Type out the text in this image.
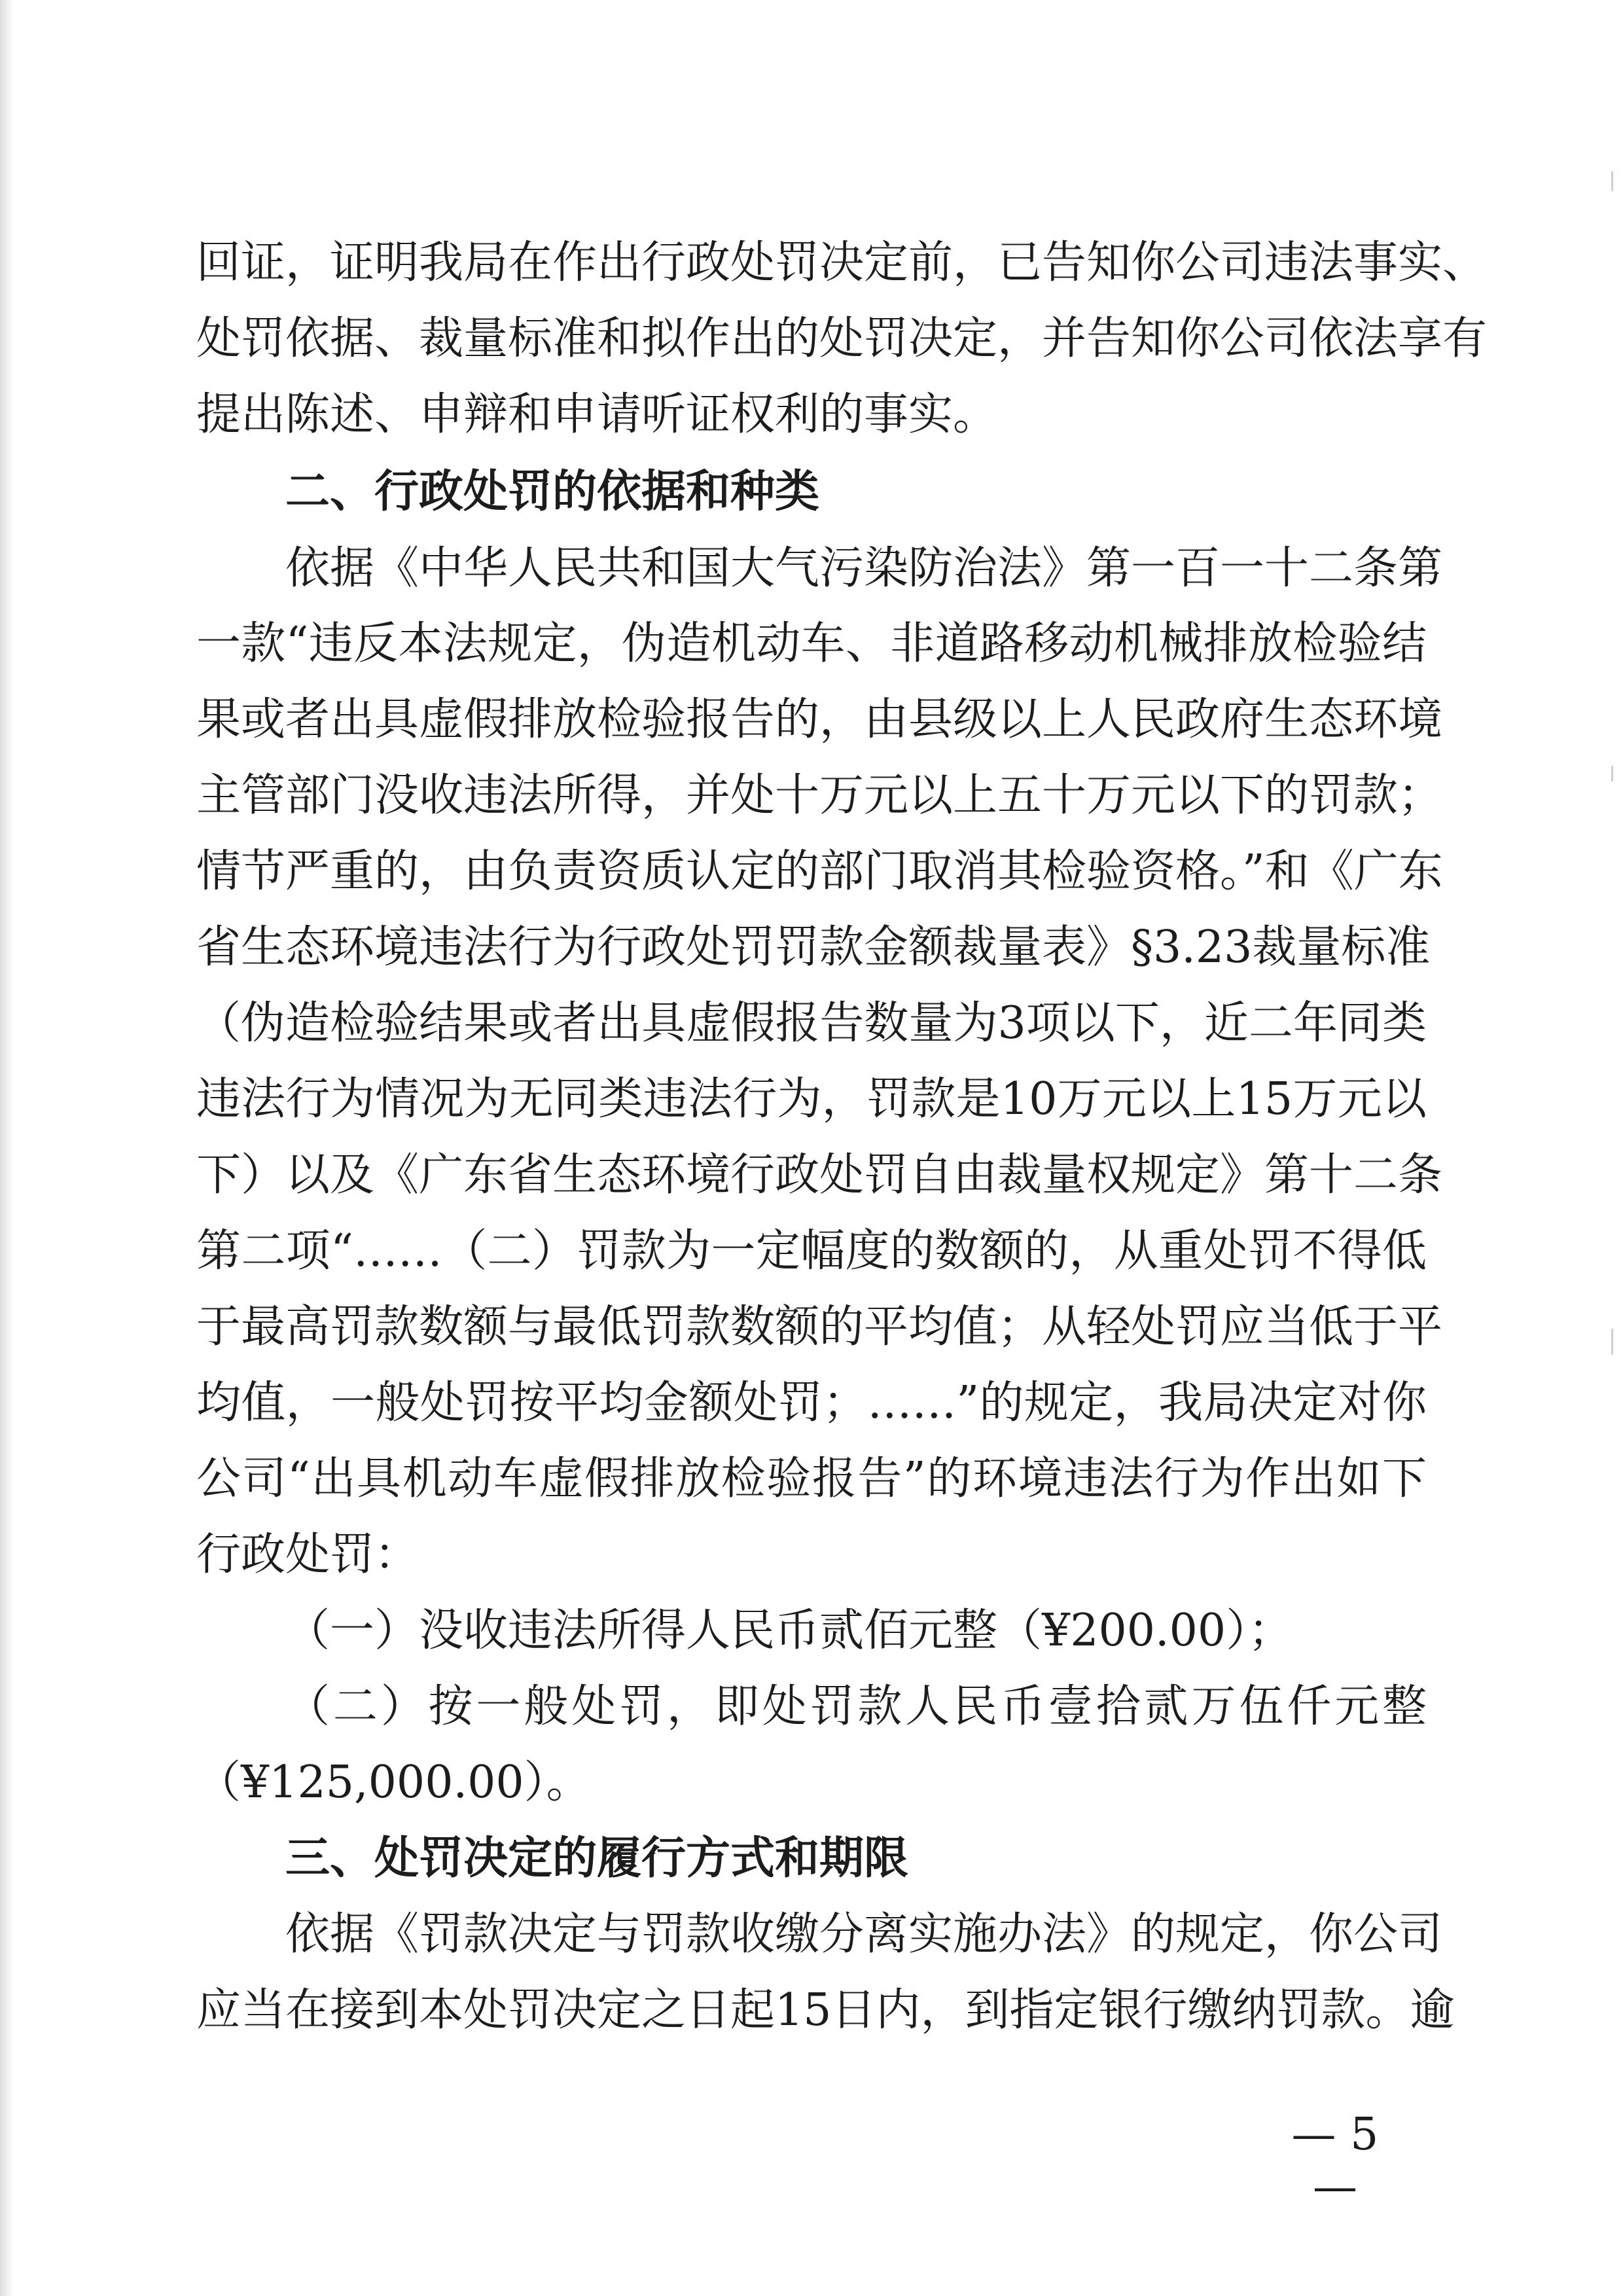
回证，证明我局在作出行政处罚决定前，已告知你公司违法事实、
处罚依据、裁量标准和拟作出的处罚决定，并告知你公司依法享有
提出陈述、申辩和申请听证权利的事实。
二、行政处罚的依据和种类
依据《中华人民共和国大气污染防治法》第一百一十二条第
一款“违反本法规定，伪造机动车、非道路移动机械排放检验结
果或者出具虚假排放检验报告的，由县级以上人民政府生态环境
主管部门没收违法所得，并处十万元以上五十万元以下的罚款；
情节严重的，由负责资质认定的部门取消其检验资格。”和《广东
省生态环境违法行为行政处罚罚款金额裁量表》§3.23裁量标准
（伪造检验结果或者出具虚假报告数量为3项以下，近二年同类
违法行为情况为无同类违法行为，罚款是10万元以上15万元以
下）以及《广东省生态环境行政处罚自由裁量权规定》第十二条
第二项“……（二）罚款为一定幅度的数额的，从重处罚不得低
于最高罚款数额与最低罚款数额的平均值；从轻处罚应当低于平
均值，一般处罚按平均金额处罚；……”的规定，我局决定对你
公司“出具机动车虚假排放检验报告”的环境违法行为作出如下
行政处罚：
（一）没收违法所得人民币贰佰元整（¥200.00）；
（二）按一般处罚，即处罚款人民币壹拾贰万伍仟元整
（¥125,000.00）。
三、处罚决定的履行方式和期限
依据《罚款决定与罚款收缴分离实施办法》的规定，你公司
应当在接到本处罚决定之日起15日内，到指定银行缴纳罚款。逾
— 5 —
